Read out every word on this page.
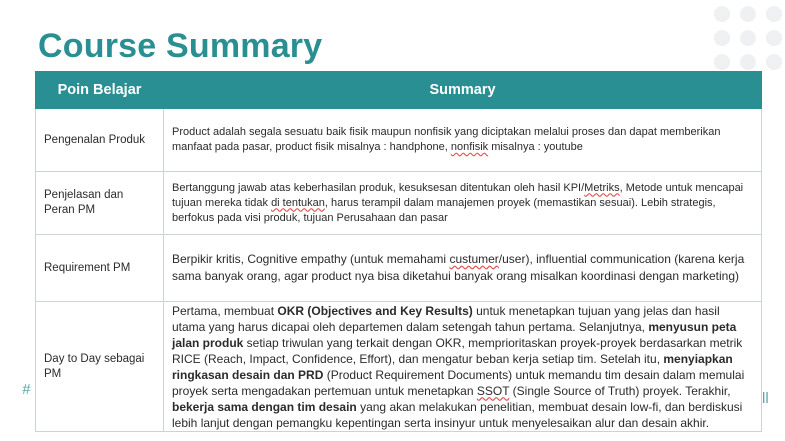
Course Summary
#
ll
Poin Belajar	Summary
Pengenalan Produk	Product adalah segala sesuatu baik fisik maupun nonfisik yang diciptakan melalui proses dan dapat memberikan manfaat pada pasar, product fisik misalnya : handphone, nonfisik misalnya : youtube
Penjelasan dan Peran PM	Bertanggung jawab atas keberhasilan produk, kesuksesan ditentukan oleh hasil KPI/Metriks, Metode untuk mencapai tujuan mereka tidak di tentukan, harus terampil dalam manajemen proyek (memastikan sesuai). Lebih strategis, berfokus pada visi produk, tujuan Perusahaan dan pasar
Requirement PM	Berpikir kritis, Cognitive empathy (untuk memahami custumer/user), influential communication (karena kerja sama banyak orang, agar product nya bisa diketahui banyak orang misalkan koordinasi dengan marketing)
Day to Day sebagai PM	Pertama, membuat OKR (Objectives and Key Results) untuk menetapkan tujuan yang jelas dan hasil utama yang harus dicapai oleh departemen dalam setengah tahun pertama. Selanjutnya, menyusun peta jalan produk setiap triwulan yang terkait dengan OKR, memprioritaskan proyek-proyek berdasarkan metrik RICE (Reach, Impact, Confidence, Effort), dan mengatur beban kerja setiap tim. Setelah itu, menyiapkan ringkasan desain dan PRD (Product Requirement Documents) untuk memandu tim desain dalam memulai proyek serta mengadakan pertemuan untuk menetapkan SSOT (Single Source of Truth) proyek. Terakhir, bekerja sama dengan tim desain yang akan melakukan penelitian, membuat desain low-fi, dan berdiskusi lebih lanjut dengan pemangku kepentingan serta insinyur untuk menyelesaikan alur dan desain akhir.
